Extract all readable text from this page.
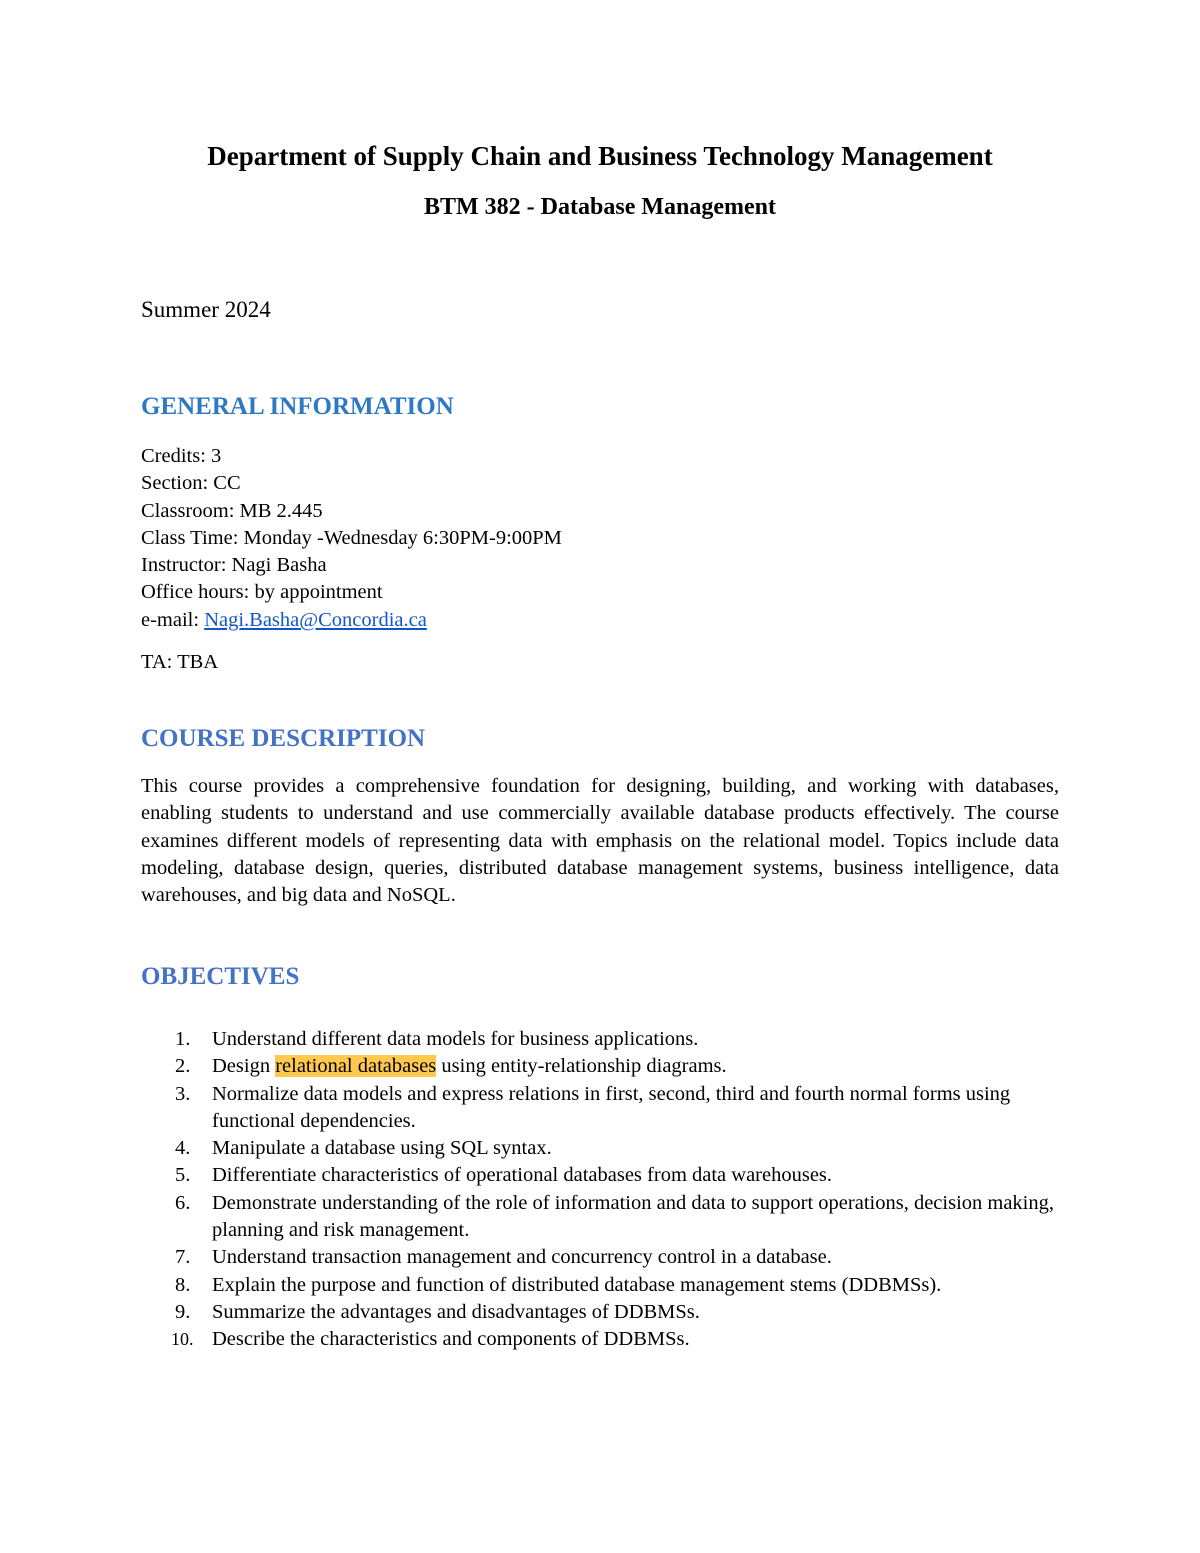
Department of Supply Chain and Business Technology Management
BTM 382 - Database Management
Summer 2024
GENERAL INFORMATION
Credits: 3
Section: CC
Classroom: MB 2.445
Class Time: Monday -Wednesday 6:30PM-9:00PM
Instructor: Nagi Basha
Office hours: by appointment
e-mail: Nagi.Basha@Concordia.ca
TA: TBA
COURSE DESCRIPTION
This course provides a comprehensive foundation for designing, building, and working with databases, enabling students to understand and use commercially available database products effectively. The course examines different models of representing data with emphasis on the relational model. Topics include data modeling, database design, queries, distributed database management systems, business intelligence, data warehouses, and big data and NoSQL.
OBJECTIVES
1. Understand different data models for business applications.
2. Design relational databases using entity-relationship diagrams.
3. Normalize data models and express relations in first, second, third and fourth normal forms using functional dependencies.
4. Manipulate a database using SQL syntax.
5. Differentiate characteristics of operational databases from data warehouses.
6. Demonstrate understanding of the role of information and data to support operations, decision making, planning and risk management.
7. Understand transaction management and concurrency control in a database.
8. Explain the purpose and function of distributed database management stems (DDBMSs).
9. Summarize the advantages and disadvantages of DDBMSs.
10. Describe the characteristics and components of DDBMSs.
